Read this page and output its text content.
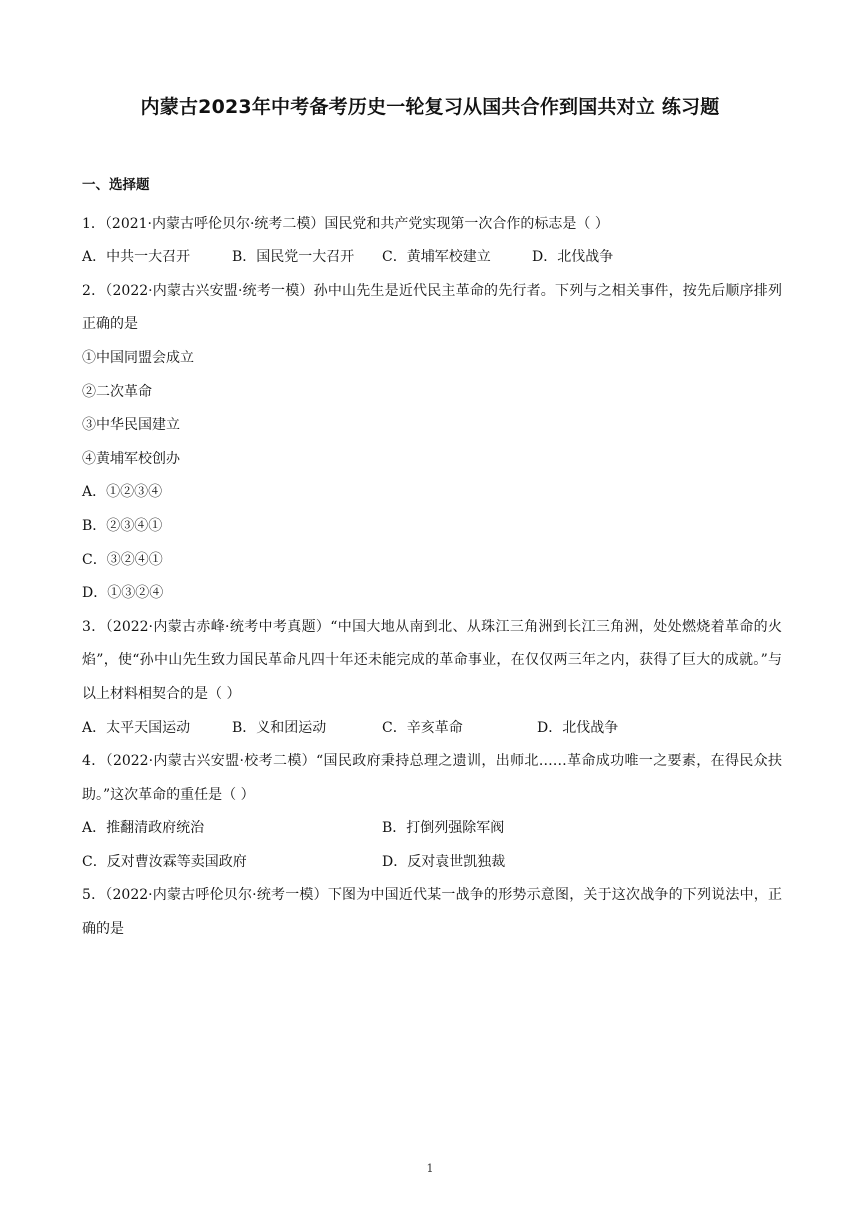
内蒙古2023年中考备考历史一轮复习从国共合作到国共对立 练习题
一、选择题
1．（2021·内蒙古呼伦贝尔·统考二模）国民党和共产党实现第一次合作的标志是（ ）
A．中共一大召开	B．国民党一大召开	C．黄埔军校建立	D．北伐战争
2．（2022·内蒙古兴安盟·统考一模）孙中山先生是近代民主革命的先行者。下列与之相关事件，按先后顺序排列正确的是
①中国同盟会成立
②二次革命
③中华民国建立
④黄埔军校创办
A．①②③④
B．②③④①
C．③②④①
D．①③②④
3．（2022·内蒙古赤峰·统考中考真题）“中国大地从南到北、从珠江三角洲到长江三角洲，处处燃烧着革命的火焰”，使“孙中山先生致力国民革命凡四十年还未能完成的革命事业，在仅仅两三年之内，获得了巨大的成就。”与以上材料相契合的是（ ）
A．太平天国运动	B．义和团运动	C．辛亥革命	D．北伐战争
4．（2022·内蒙古兴安盟·校考二模）“国民政府秉持总理之遗训，出师北……革命成功唯一之要素，在得民众扶助。”这次革命的重任是（ ）
A．推翻清政府统治	B．打倒列强除军阀
C．反对曹汝霖等卖国政府	D．反对袁世凯独裁
5．（2022·内蒙古呼伦贝尔·统考一模）下图为中国近代某一战争的形势示意图，关于这次战争的下列说法中，正确的是
1
